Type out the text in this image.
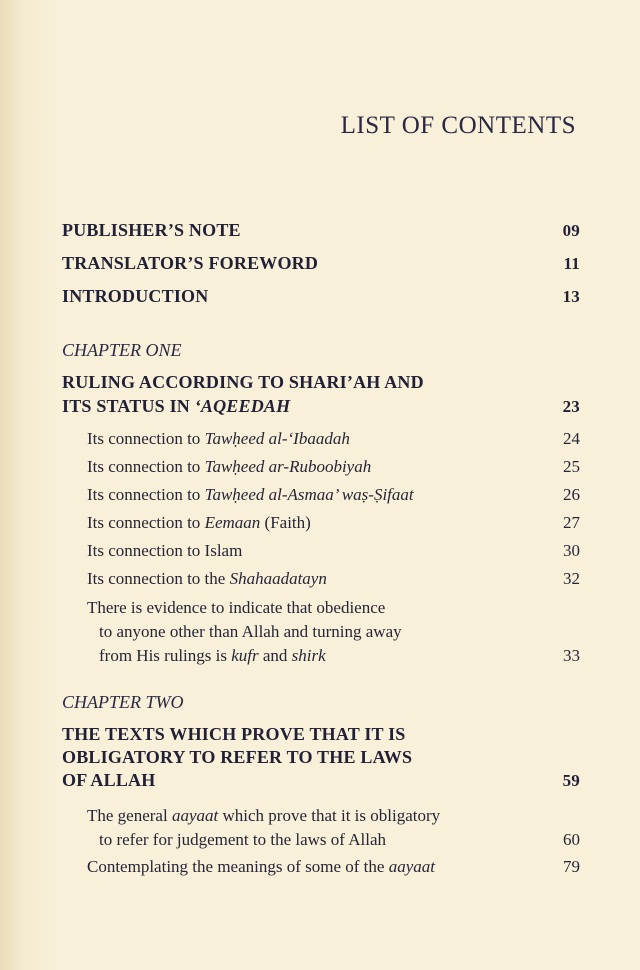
LIST OF CONTENTS
PUBLISHER’S NOTE	09
TRANSLATOR’S FOREWORD	11
INTRODUCTION	13
CHAPTER ONE
RULING ACCORDING TO SHARI’AH AND
ITS STATUS IN ‘AQEEDAH	23
Its connection to Tawḥeed al-‘Ibaadah	24
Its connection to Tawḥeed ar-Ruboobiyah	25
Its connection to Tawḥeed al-Asmaa’ waṣ-Ṣifaat	26
Its connection to Eemaan (Faith)	27
Its connection to Islam	30
Its connection to the Shahaadatayn	32
There is evidence to indicate that obedience
to anyone other than Allah and turning away
from His rulings is kufr and shirk	33
CHAPTER TWO
THE TEXTS WHICH PROVE THAT IT IS
OBLIGATORY TO REFER TO THE LAWS
OF ALLAH	59
The general aayaat which prove that it is obligatory
to refer for judgement to the laws of Allah	60
Contemplating the meanings of some of the aayaat	79
